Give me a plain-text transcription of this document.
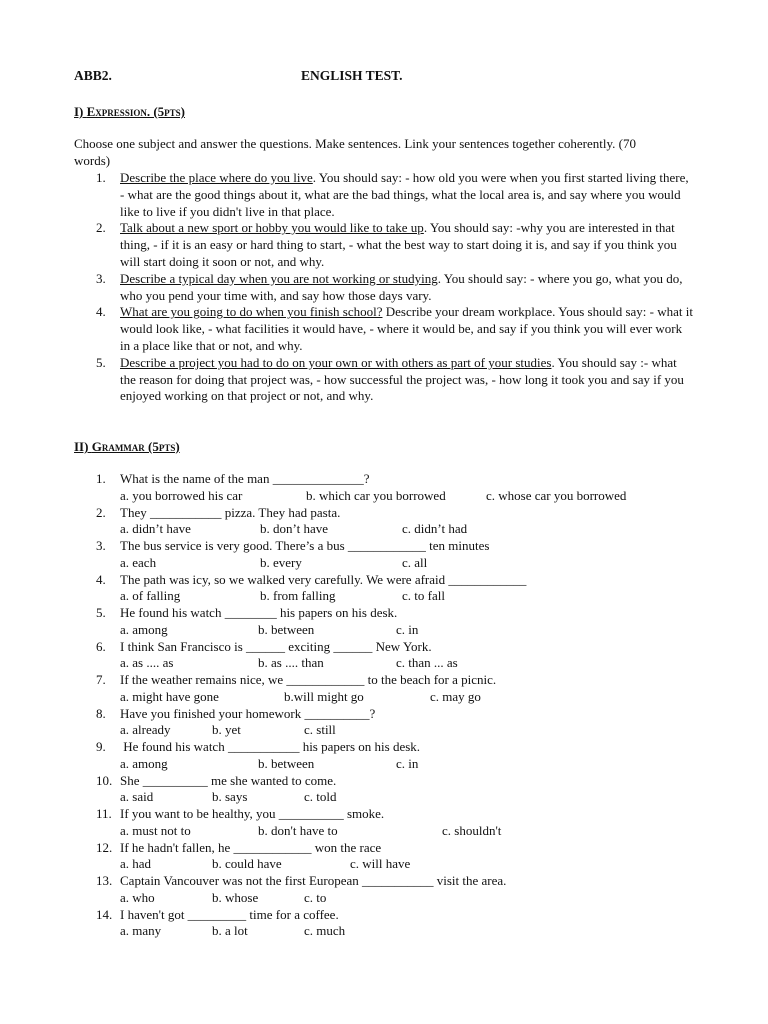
ABB2.	ENGLISH TEST.
I) Expression. (5pts)
Choose one subject and answer the questions. Make sentences. Link your sentences together coherently. (70 words)
1.	Describe the place where do you live. You should say: - how old you were when you first started living there, - what are the good things about it, what are the bad things, what the local area is, and say where you would like to live if you didn't live in that place.
2.	Talk about a new sport or hobby you would like to take up. You should say: -why you are interested in that thing, - if it is an easy or hard thing to start, - what the best way to start doing it is, and say if you think you will start doing it soon or not, and why.
3.	Describe a typical day when you are not working or studying. You should say: - where you go, what you do, who you pend your time with, and say how those days vary.
4.	What are you going to do when you finish school? Describe your dream workplace. Yous should say: - what it would look like, - what facilities it would have, - where it would be, and say if you think you will ever work in a place like that or not, and why.
5.	Describe a project you had to do on your own or with others as part of your studies. You should say :- what the reason for doing that project was, - how successful the project was, - how long it took you and say if you enjoyed working on that project or not, and why.
II) Grammar (5pts)
1.	What is the name of the man ______________?
a. you borrowed his car	b. which car you borrowed	c. whose car you borrowed
2.	They ___________ pizza. They had pasta.
a. didn’t have	b. don’t have	c. didn’t had
3.	The bus service is very good. There’s a bus ____________ ten minutes
a. each	b. every	c. all
4.	The path was icy, so we walked very carefully. We were afraid ____________
a. of falling	b. from falling	c. to fall
5.	He found his watch ________ his papers on his desk.
a. among	b. between	c. in
6.	I think San Francisco is ______ exciting ______ New York.
a. as .... as	b. as .... than	c. than ... as
7.	If the weather remains nice, we ____________ to the beach for a picnic.
a. might have gone	b.will might go	c. may go
8.	Have you finished your homework __________?
a. already	b. yet	c. still
9.	He found his watch ___________ his papers on his desk.
a. among	b. between	c. in
10. She __________ me she wanted to come.
a. said	b. says	c. told
11. If you want to be healthy, you __________ smoke.
a. must not to	b. don't have to	c. shouldn't
12. If he hadn't fallen, he ____________ won the race
a. had	b. could have	c. will have
13. Captain Vancouver was not the first European ___________ visit the area.
a. who	b. whose	c. to
14. I haven't got _________ time for a coffee.
a. many	b. a lot	c. much
